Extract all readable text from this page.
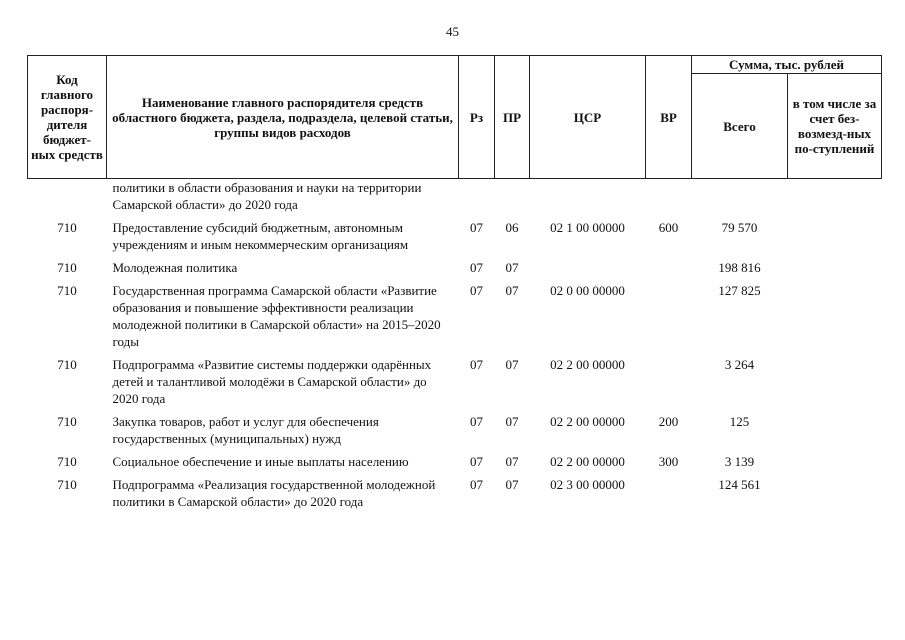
45
Код главного распоря-дителя бюджет-ных средств	Наименование главного распорядителя средств областного бюджета, раздела, подраздела, целевой статьи, группы видов расходов	Рз	ПР	ЦСР	ВР	Сумма, тыс. рублей	
						Всего	в том числе за счет без-возмезд-ных по-ступлений
	политики в области образования и науки на территории Самарской области» до 2020 года						
710	Предоставление субсидий бюджетным, автономным учреждениям и иным некоммерческим организациям	07	06	02 1 00 00000	600	79 570	
710	Молодежная политика	07	07			198 816	
710	Государственная программа Самарской области «Развитие образования и повышение эффективности реализации молодежной политики в Самарской области» на 2015–2020 годы	07	07	02 0 00 00000		127 825	
710	Подпрограмма «Развитие системы поддержки одарённых детей и талантливой молодёжи в Самарской области» до 2020 года	07	07	02 2 00 00000		3 264	
710	Закупка товаров, работ и услуг для обеспечения государственных (муниципальных) нужд	07	07	02 2 00 00000	200	125	
710	Социальное обеспечение и иные выплаты населению	07	07	02 2 00 00000	300	3 139	
710	Подпрограмма «Реализация государственной молодежной политики в Самарской области» до 2020 года	07	07	02 3 00 00000		124 561	
